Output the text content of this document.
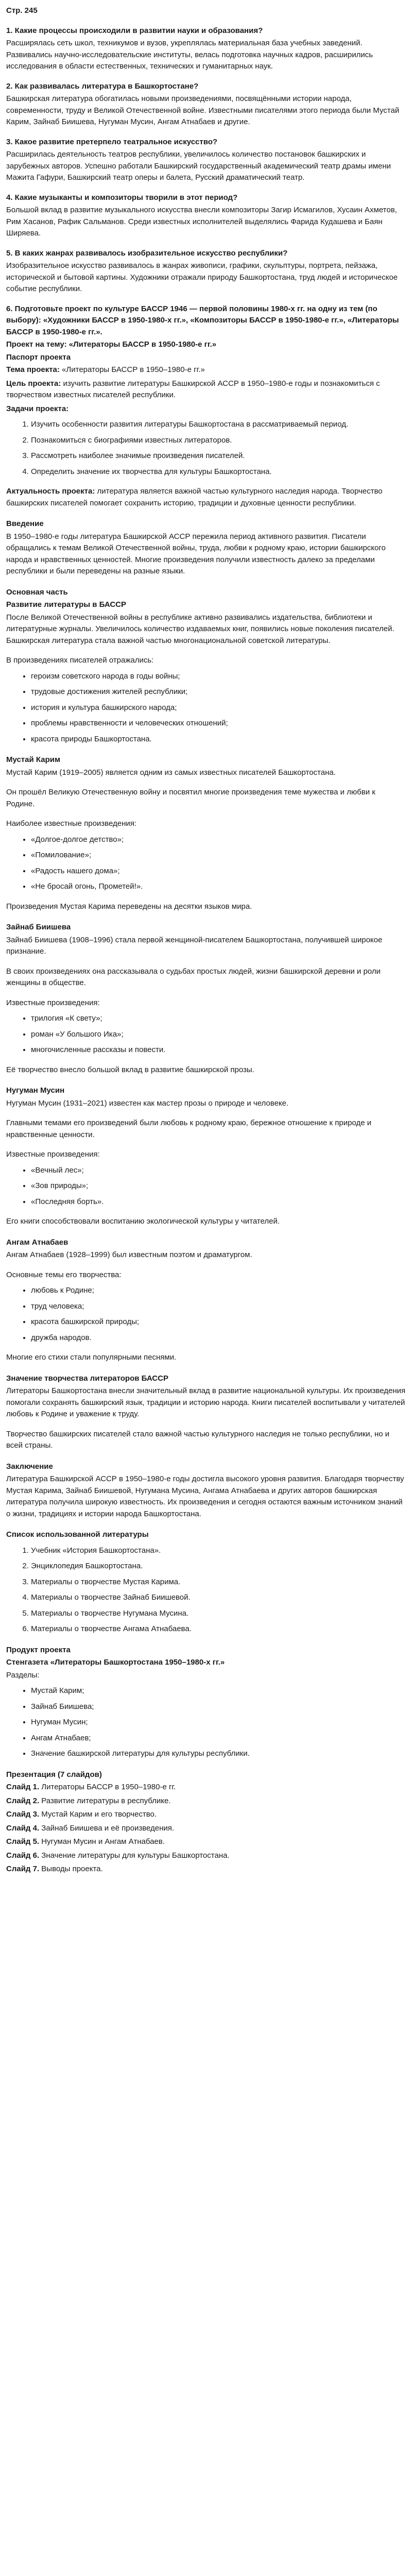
Стр. 245

1. Какие процессы происходили в развитии науки и образования?

Расширялась сеть школ, техникумов и вузов, укреплялась материальная база учебных заведений. Развивались научно-исследовательские институты, велась подготовка научных кадров, расширились исследования в области естественных, технических и гуманитарных наук.

2. Как развивалась литература в Башкортостане?

Башкирская литература обогатилась новыми произведениями, посвящёнными истории народа, современности, труду и Великой Отечественной войне. Известными писателями этого периода были Мустай Карим, Зайнаб Биишева, Нугуман Мусин, Ангам Атнабаев и другие.

3. Какое развитие претерпело театральное искусство?

Расширилась деятельность театров республики, увеличилось количество постановок башкирских и зарубежных авторов. Успешно работали Башкирский государственный академический театр драмы имени Мажита Гафури, Башкирский театр оперы и балета, Русский драматический театр.

4. Какие музыканты и композиторы творили в этот период?

Большой вклад в развитие музыкального искусства внесли композиторы Загир Исмагилов, Хусаин Ахметов, Рим Хасанов, Рафик Сальманов. Среди известных исполнителей выделялись Фарида Кудашева и Баян Ширяева.

5. В каких жанрах развивалось изобразительное искусство республики?

Изобразительное искусство развивалось в жанрах живописи, графики, скульптуры, портрета, пейзажа, исторической и бытовой картины. Художники отражали природу Башкортостана, труд людей и историческое событие республики.

6. Подготовьте проект по культуре БАССР 1946 — первой половины 1980-х гг. на одну из тем (по выбору): «Художники БАССР в 1950-1980-х гг.», «Композиторы БАССР в 1950-1980-е гг.», «Литераторы БАССР в 1950-1980-е гг.».

Проект на тему: «Литераторы БАССР в 1950-1980-е гг.»

Паспорт проекта

Тема проекта: «Литераторы БАССР в 1950–1980-е гг.»

Цель проекта: изучить развитие литературы Башкирской АССР в 1950–1980-е годы и познакомиться с творчеством известных писателей республики.

Задачи проекта:

1. Изучить особенности развития литературы Башкортостана в рассматриваемый период.
2. Познакомиться с биографиями известных литераторов.
3. Рассмотреть наиболее значимые произведения писателей.
4. Определить значение их творчества для культуры Башкортостана.

Актуальность проекта: литература является важной частью культурного наследия народа. Творчество башкирских писателей помогает сохранить историю, традиции и духовные ценности республики.

Введение

В 1950–1980-е годы литература Башкирской АССР пережила период активного развития. Писатели обращались к темам Великой Отечественной войны, труда, любви к родному краю, истории башкирского народа и нравственных ценностей. Многие произведения получили известность далеко за пределами республики и были переведены на разные языки.

Основная часть

Развитие литературы в БАССР

После Великой Отечественной войны в республике активно развивались издательства, библиотеки и литературные журналы. Увеличилось количество издаваемых книг, появились новые поколения писателей. Башкирская литература стала важной частью многонациональной советской литературы.

В произведениях писателей отражались:

• героизм советского народа в годы войны;
• трудовые достижения жителей республики;
• история и культура башкирского народа;
• проблемы нравственности и человеческих отношений;
• красота природы Башкортостана.

Мустай Карим

Мустай Карим (1919–2005) является одним из самых известных писателей Башкортостана.

Он прошёл Великую Отечественную войну и посвятил многие произведения теме мужества и любви к Родине.

Наиболее известные произведения:

• «Долгое-долгое детство»;
• «Помилование»;
• «Радость нашего дома»;
• «Не бросай огонь, Прометей!».

Произведения Мустая Карима переведены на десятки языков мира.

Зайнаб Биишева

Зайнаб Биишева (1908–1996) стала первой женщиной-писателем Башкортостана, получившей широкое признание.

В своих произведениях она рассказывала о судьбах простых людей, жизни башкирской деревни и роли женщины в обществе.

Известные произведения:

• трилогия «К свету»;
• роман «У большого Ика»;
• многочисленные рассказы и повести.

Её творчество внесло большой вклад в развитие башкирской прозы.

Нугуман Мусин

Нугуман Мусин (1931–2021) известен как мастер прозы о природе и человеке.

Главными темами его произведений были любовь к родному краю, бережное отношение к природе и нравственные ценности.

Известные произведения:

• «Вечный лес»;
• «Зов природы»;
• «Последняя борть».

Его книги способствовали воспитанию экологической культуры у читателей.

Ангам Атнабаев

Ангам Атнабаев (1928–1999) был известным поэтом и драматургом.

Основные темы его творчества:

• любовь к Родине;
• труд человека;
• красота башкирской природы;
• дружба народов.

Многие его стихи стали популярными песнями.

Значение творчества литераторов БАССР

Литераторы Башкортостана внесли значительный вклад в развитие национальной культуры. Их произведения помогали сохранять башкирский язык, традиции и историю народа. Книги писателей воспитывали у читателей любовь к Родине и уважение к труду.

Творчество башкирских писателей стало важной частью культурного наследия не только республики, но и всей страны.

Заключение

Литература Башкирской АССР в 1950–1980-е годы достигла высокого уровня развития. Благодаря творчеству Мустая Карима, Зайнаб Биишевой, Нугумана Мусина, Ангама Атнабаева и других авторов башкирская литература получила широкую известность. Их произведения и сегодня остаются важным источником знаний о жизни, традициях и истории народа Башкортостана.

Список использованной литературы

1. Учебник «История Башкортостана».
2. Энциклопедия Башкортостана.
3. Материалы о творчестве Мустая Карима.
4. Материалы о творчестве Зайнаб Биишевой.
5. Материалы о творчестве Нугумана Мусина.
6. Материалы о творчестве Ангама Атнабаева.

Продукт проекта

Стенгазета «Литераторы Башкортостана 1950–1980-х гг.»

Разделы:

• Мустай Карим;
• Зайнаб Биишева;
• Нугуман Мусин;
• Ангам Атнабаев;
• Значение башкирской литературы для культуры республики.

Презентация (7 слайдов)

Слайд 1. Литераторы БАССР в 1950–1980-е гг.

Слайд 2. Развитие литературы в республике.

Слайд 3. Мустай Карим и его творчество.

Слайд 4. Зайнаб Биишева и её произведения.

Слайд 5. Нугуман Мусин и Ангам Атнабаев.

Слайд 6. Значение литературы для культуры Башкортостана.

Слайд 7. Выводы проекта.
